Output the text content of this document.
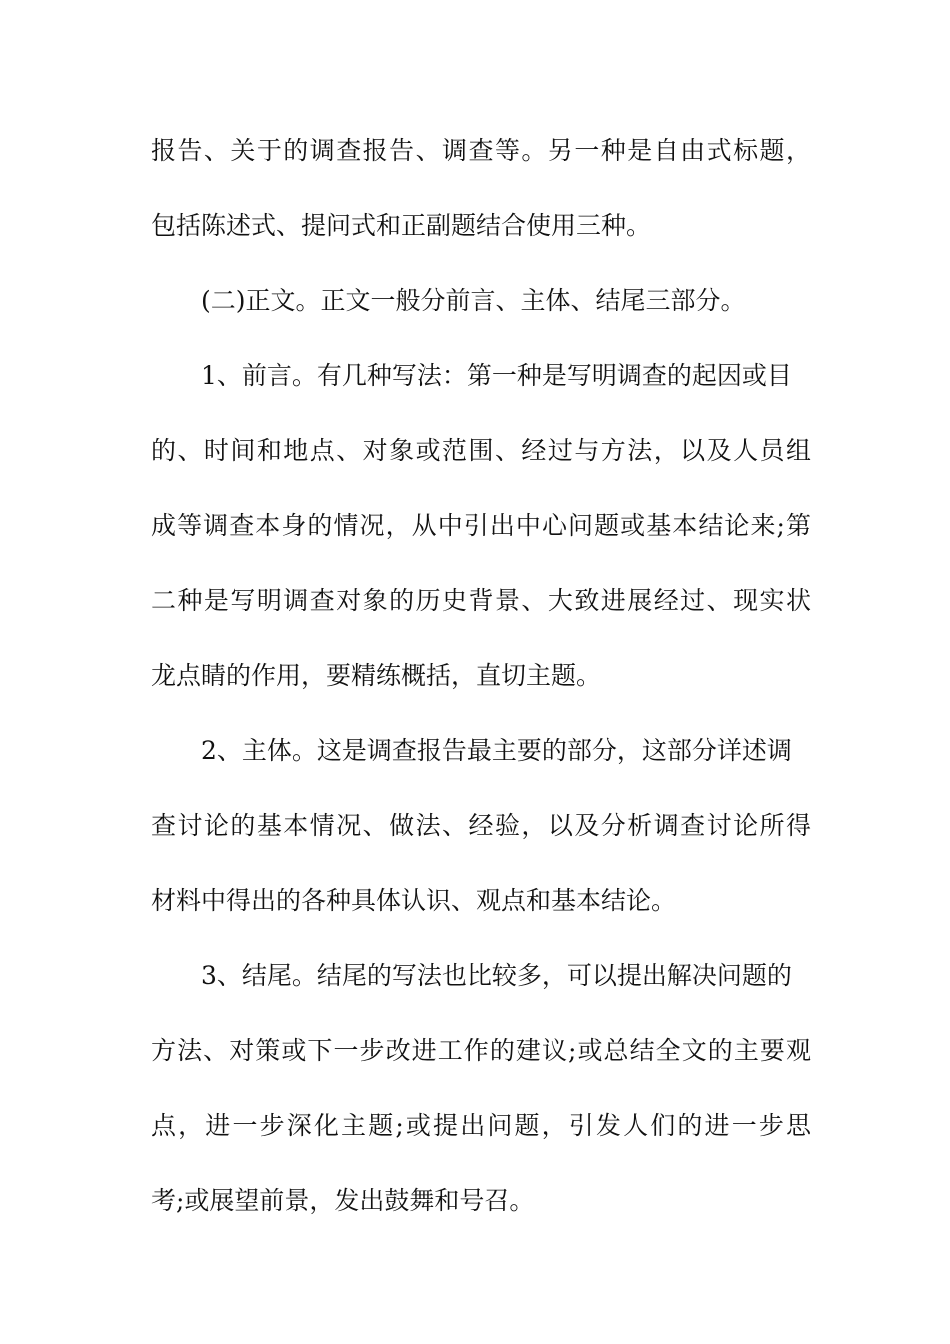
报告、关于的调查报告、调查等。另一种是自由式标题，
包括陈述式、提问式和正副题结合使用三种。
(二)正文。正文一般分前言、主体、结尾三部分。
1、前言。有几种写法：第一种是写明调查的起因或目
的、时间和地点、对象或范围、经过与方法，以及人员组
成等调查本身的情况，从中引出中心问题或基本结论来;第
二种是写明调查对象的历史背景、大致进展经过、现实状
龙点睛的作用，要精练概括，直切主题。
2、主体。这是调查报告最主要的部分，这部分详述调
查讨论的基本情况、做法、经验，以及分析调查讨论所得
材料中得出的各种具体认识、观点和基本结论。
3、结尾。结尾的写法也比较多，可以提出解决问题的
方法、对策或下一步改进工作的建议;或总结全文的主要观
点，进一步深化主题;或提出问题，引发人们的进一步思
考;或展望前景，发出鼓舞和号召。
